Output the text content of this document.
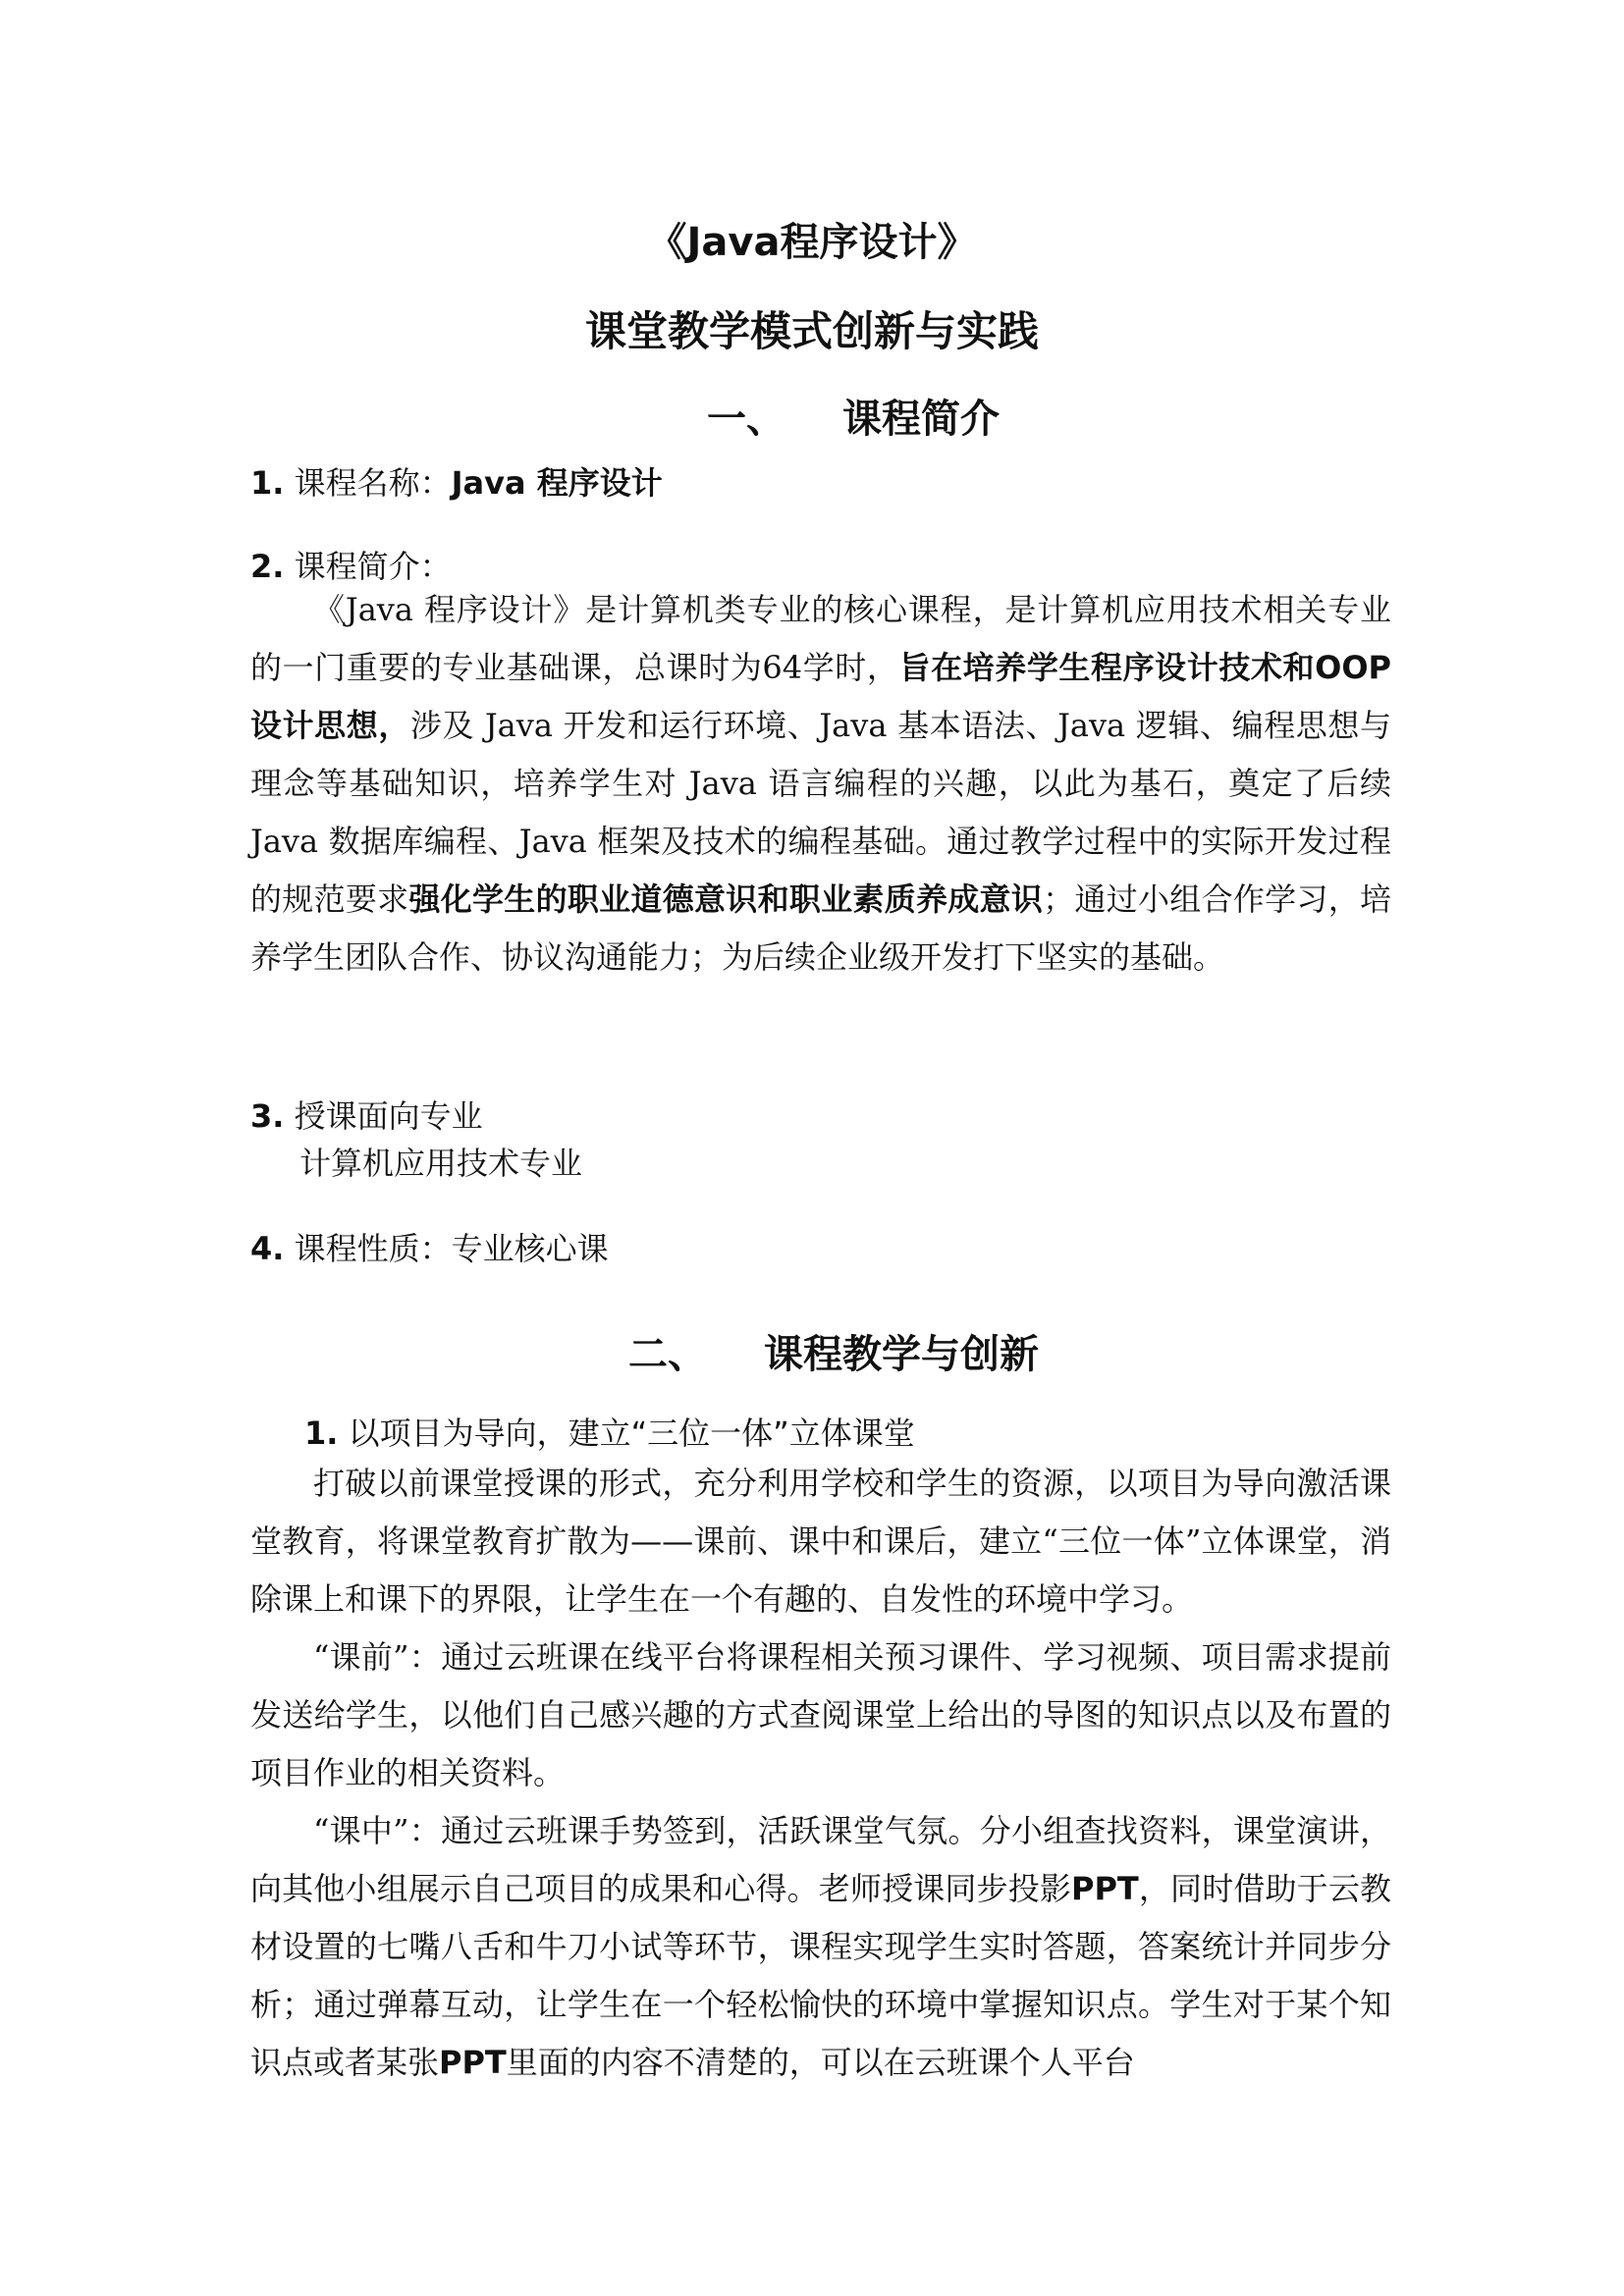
《Java程序设计》
课堂教学模式创新与实践
一、 课程简介
1. 课程名称：Java 程序设计
2. 课程简介：

《Java 程序设计》是计算机类专业的核心课程，是计算机应用技术相关专业的一门重要的专业基础课，总课时为64学时，旨在培养学生程序设计技术和OOP设计思想，涉及 Java 开发和运行环境、Java 基本语法、Java 逻辑、编程思想与理念等基础知识，培养学生对 Java 语言编程的兴趣，以此为基石，奠定了后续 Java 数据库编程、Java 框架及技术的编程基础。通过教学过程中的实际开发过程的规范要求强化学生的职业道德意识和职业素质养成意识；通过小组合作学习，培养学生团队合作、协议沟通能力；为后续企业级开发打下坚实的基础。

3. 授课面向专业
计算机应用技术专业
4. 课程性质：专业核心课
二、 课程教学与创新
1. 以项目为导向，建立“三位一体”立体课堂

打破以前课堂授课的形式，充分利用学校和学生的资源，以项目为导向激活课堂教育，将课堂教育扩散为——课前、课中和课后，建立“三位一体”立体课堂，消除课上和课下的界限，让学生在一个有趣的、自发性的环境中学习。

“课前”：通过云班课在线平台将课程相关预习课件、学习视频、项目需求提前发送给学生，以他们自己感兴趣的方式查阅课堂上给出的导图的知识点以及布置的项目作业的相关资料。

“课中”：通过云班课手势签到，活跃课堂气氛。分小组查找资料，课堂演讲，向其他小组展示自己项目的成果和心得。老师授课同步投影PPT，同时借助于云教材设置的七嘴八舌和牛刀小试等环节，课程实现学生实时答题，答案统计并同步分析；通过弹幕互动，让学生在一个轻松愉快的环境中掌握知识点。学生对于某个知识点或者某张PPT里面的内容不清楚的，可以在云班课个人平台
